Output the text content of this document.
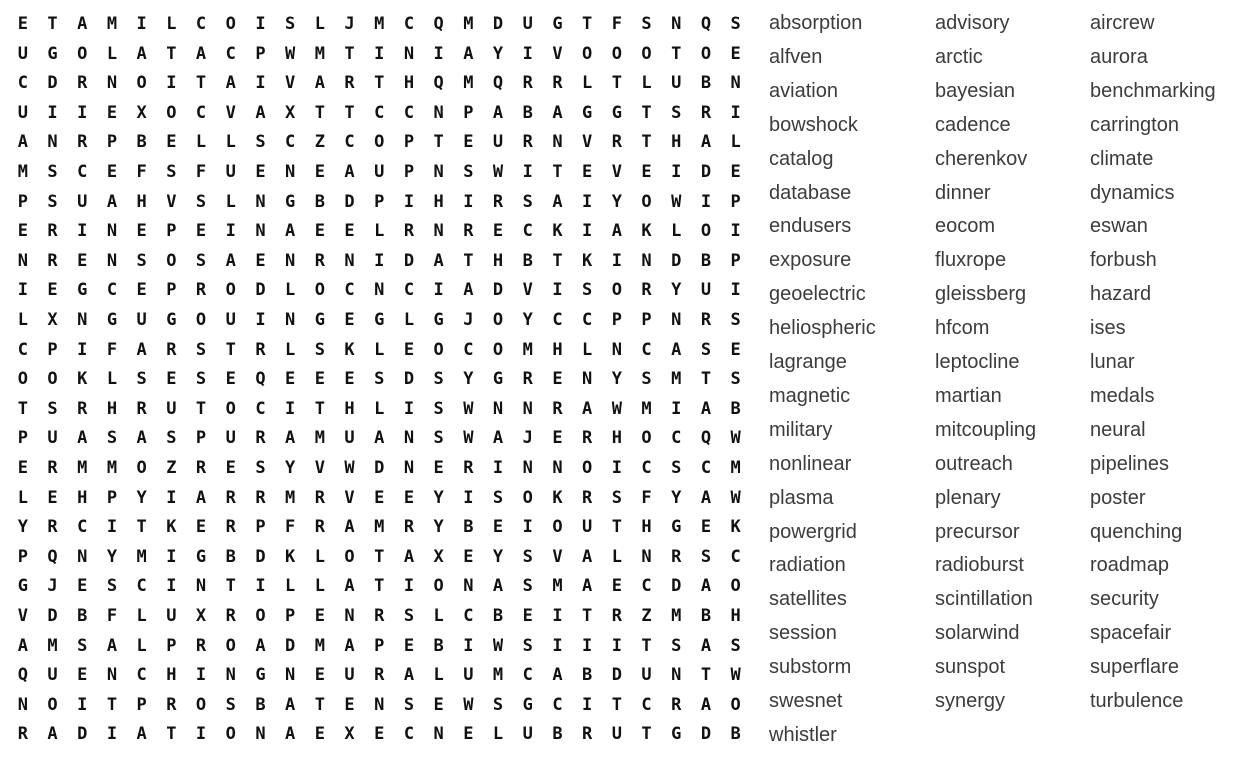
E	T	A	M	I	L	C	O	I	S	L	J	M	C	Q	M	D	U	G	T	F	S	N	Q	S
U	G	O	L	A	T	A	C	P	W	M	T	I	N	I	A	Y	I	V	O	O	O	T	O	E
C	D	R	N	O	I	T	A	I	V	A	R	T	H	Q	M	Q	R	R	L	T	L	U	B	N
U	I	I	E	X	O	C	V	A	X	T	T	C	C	N	P	A	B	A	G	G	T	S	R	I
A	N	R	P	B	E	L	L	S	C	Z	C	O	P	T	E	U	R	N	V	R	T	H	A	L
M	S	C	E	F	S	F	U	E	N	E	A	U	P	N	S	W	I	T	E	V	E	I	D	E
P	S	U	A	H	V	S	L	N	G	B	D	P	I	H	I	R	S	A	I	Y	O	W	I	P
E	R	I	N	E	P	E	I	N	A	E	E	L	R	N	R	E	C	K	I	A	K	L	O	I
N	R	E	N	S	O	S	A	E	N	R	N	I	D	A	T	H	B	T	K	I	N	D	B	P
I	E	G	C	E	P	R	O	D	L	O	C	N	C	I	A	D	V	I	S	O	R	Y	U	I
L	X	N	G	U	G	O	U	I	N	G	E	G	L	G	J	O	Y	C	C	P	P	N	R	S
C	P	I	F	A	R	S	T	R	L	S	K	L	E	O	C	O	M	H	L	N	C	A	S	E
O	O	K	L	S	E	S	E	Q	E	E	E	S	D	S	Y	G	R	E	N	Y	S	M	T	S
T	S	R	H	R	U	T	O	C	I	T	H	L	I	S	W	N	N	R	A	W	M	I	A	B
P	U	A	S	A	S	P	U	R	A	M	U	A	N	S	W	A	J	E	R	H	O	C	Q	W
E	R	M	M	O	Z	R	E	S	Y	V	W	D	N	E	R	I	N	N	O	I	C	S	C	M
L	E	H	P	Y	I	A	R	R	M	R	V	E	E	Y	I	S	O	K	R	S	F	Y	A	W
Y	R	C	I	T	K	E	R	P	F	R	A	M	R	Y	B	E	I	O	U	T	H	G	E	K
P	Q	N	Y	M	I	G	B	D	K	L	O	T	A	X	E	Y	S	V	A	L	N	R	S	C
G	J	E	S	C	I	N	T	I	L	L	A	T	I	O	N	A	S	M	A	E	C	D	A	O
V	D	B	F	L	U	X	R	O	P	E	N	R	S	L	C	B	E	I	T	R	Z	M	B	H
A	M	S	A	L	P	R	O	A	D	M	A	P	E	B	I	W	S	I	I	I	T	S	A	S
Q	U	E	N	C	H	I	N	G	N	E	U	R	A	L	U	M	C	A	B	D	U	N	T	W
N	O	I	T	P	R	O	S	B	A	T	E	N	S	E	W	S	G	C	I	T	C	R	A	O
R	A	D	I	A	T	I	O	N	A	E	X	E	C	N	E	L	U	B	R	U	T	G	D	B
absorption	advisory	aircrew
alfven	arctic	aurora
aviation	bayesian	benchmarking
bowshock	cadence	carrington
catalog	cherenkov	climate
database	dinner	dynamics
endusers	eocom	eswan
exposure	fluxrope	forbush
geoelectric	gleissberg	hazard
heliospheric	hfcom	ises
lagrange	leptocline	lunar
magnetic	martian	medals
military	mitcoupling	neural
nonlinear	outreach	pipelines
plasma	plenary	poster
powergrid	precursor	quenching
radiation	radioburst	roadmap
satellites	scintillation	security
session	solarwind	spacefair
substorm	sunspot	superflare
swesnet	synergy	turbulence
whistler
